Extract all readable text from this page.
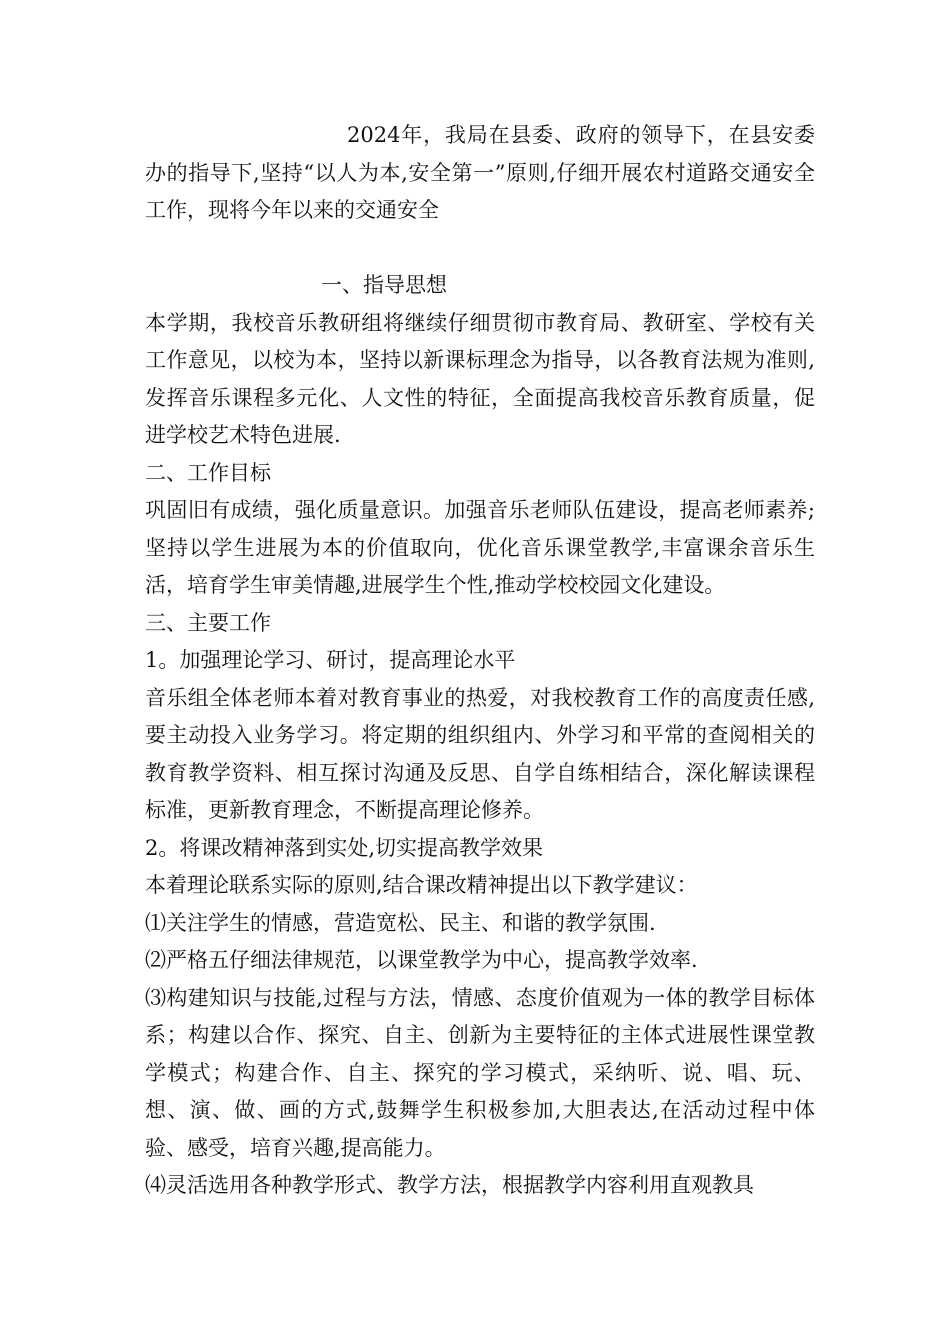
2024年，我局在县委、政府的领导下，在县安委办的指导下,坚持“以人为本,安全第一”原则,仔细开展农村道路交通安全工作，现将今年以来的交通安全

一、指导思想

本学期，我校音乐教研组将继续仔细贯彻市教育局、教研室、学校有关工作意见，以校为本，坚持以新课标理念为指导，以各教育法规为准则,发挥音乐课程多元化、人文性的特征，全面提高我校音乐教育质量，促进学校艺术特色进展.

二、工作目标

巩固旧有成绩，强化质量意识。加强音乐老师队伍建设，提高老师素养;坚持以学生进展为本的价值取向，优化音乐课堂教学,丰富课余音乐生活，培育学生审美情趣,进展学生个性,推动学校校园文化建设。

三、主要工作

1。加强理论学习、研讨，提高理论水平

音乐组全体老师本着对教育事业的热爱，对我校教育工作的高度责任感,要主动投入业务学习。将定期的组织组内、外学习和平常的查阅相关的教育教学资料、相互探讨沟通及反思、自学自练相结合，深化解读课程标准，更新教育理念，不断提高理论修养。

2。将课改精神落到实处,切实提高教学效果

本着理论联系实际的原则,结合课改精神提出以下教学建议：

⑴关注学生的情感，营造宽松、民主、和谐的教学氛围.

⑵严格五仔细法律规范，以课堂教学为中心，提高教学效率.

⑶构建知识与技能,过程与方法，情感、态度价值观为一体的教学目标体系；构建以合作、探究、自主、创新为主要特征的主体式进展性课堂教学模式；构建合作、自主、探究的学习模式，采纳听、说、唱、玩、想、演、做、画的方式,鼓舞学生积极参加,大胆表达,在活动过程中体验、感受，培育兴趣,提高能力。

⑷灵活选用各种教学形式、教学方法，根据教学内容利用直观教具
